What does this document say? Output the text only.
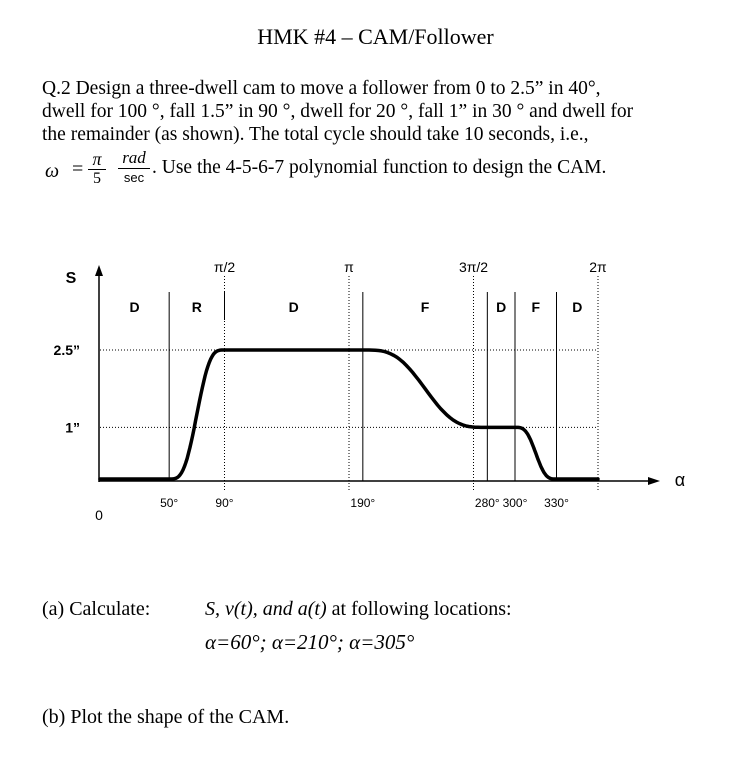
HMK #4 – CAM/Follower
Q.2 Design a three-dwell cam to move a follower from 0 to 2.5” in 40°,
dwell for 100 °, fall 1.5” in 90 °, dwell for 20 °, fall 1” in 30 ° and dwell for
the remainder (as shown). The total cycle should take 10 seconds, i.e.,
$\omega = \frac{\pi}{5}$ rad
sec . Use the 4-5-6-7 polynomial function to design the CAM.
π/2	π	3π/2	2π
50°	90°	190°	280° 300° 330°
D	R	D	F	D F D
S
α
0
2.5”
1”
(a) Calculate:	S, v(t), and a(t) at following locations:
α=60°; α=210°; α=305°
(b) Plot the shape of the CAM.
